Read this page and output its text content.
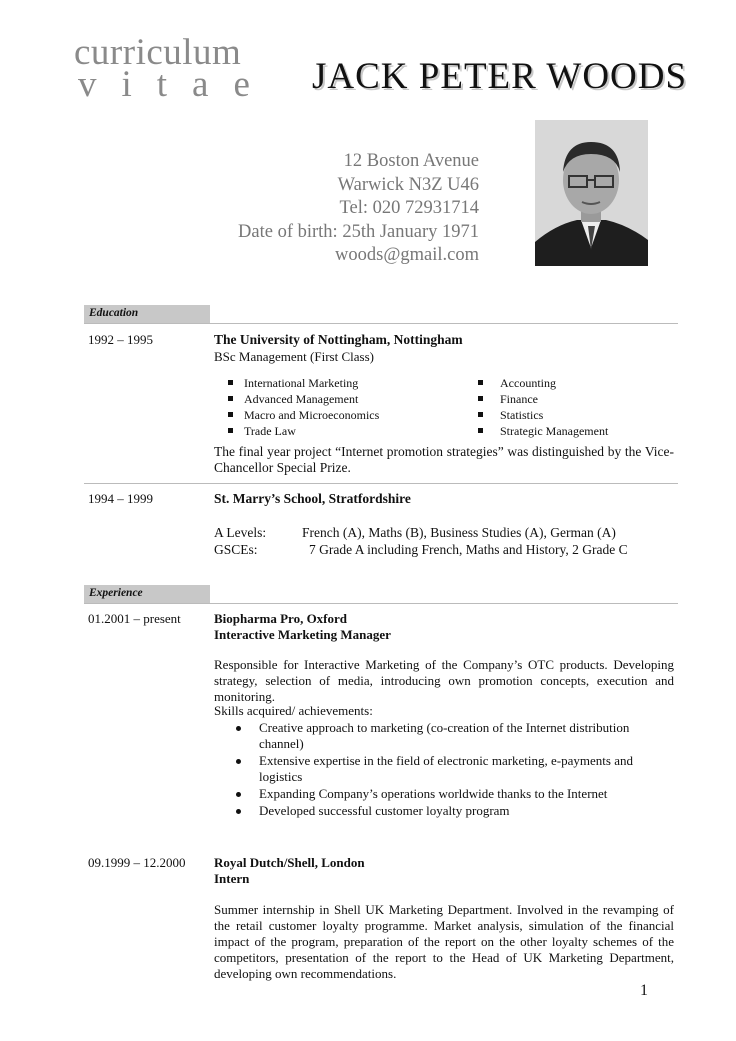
curriculum
vitae JACK PETER WOODS
12 Boston Avenue
Warwick N3Z U46
Tel: 020 72931714
Date of birth: 25th January 1971
woods@gmail.com
Education
1992 – 1995	The University of Nottingham, Nottingham
BSc Management (First Class)
International Marketing
Advanced Management
Macro and Microeconomics
Trade Law
Accounting
Finance
Statistics
Strategic Management
The final year project “Internet promotion strategies” was distinguished by the Vice-Chancellor Special Prize.
1994 – 1999	St. Marry’s School, Stratfordshire
A Levels:	French (A), Maths (B), Business Studies (A), German (A)
GSCEs:	7 Grade A including French, Maths and History, 2 Grade C
Experience
01.2001 – present	Biopharma Pro, Oxford
Interactive Marketing Manager
Responsible for Interactive Marketing of the Company’s OTC products. Developing strategy, selection of media, introducing own promotion concepts, execution and monitoring.
Skills acquired/ achievements:
Creative approach to marketing (co-creation of the Internet distribution channel)
Extensive expertise in the field of electronic marketing, e-payments and logistics
Expanding Company’s operations worldwide thanks to the Internet
Developed successful customer loyalty program
09.1999 – 12.2000 Royal Dutch/Shell, London
Intern
Summer internship in Shell UK Marketing Department. Involved in the revamping of the retail customer loyalty programme. Market analysis, simulation of the financial impact of the program, preparation of the report on the other loyalty schemes of the competitors, presentation of the report to the Head of UK Marketing Department, developing own recommendations.
1
